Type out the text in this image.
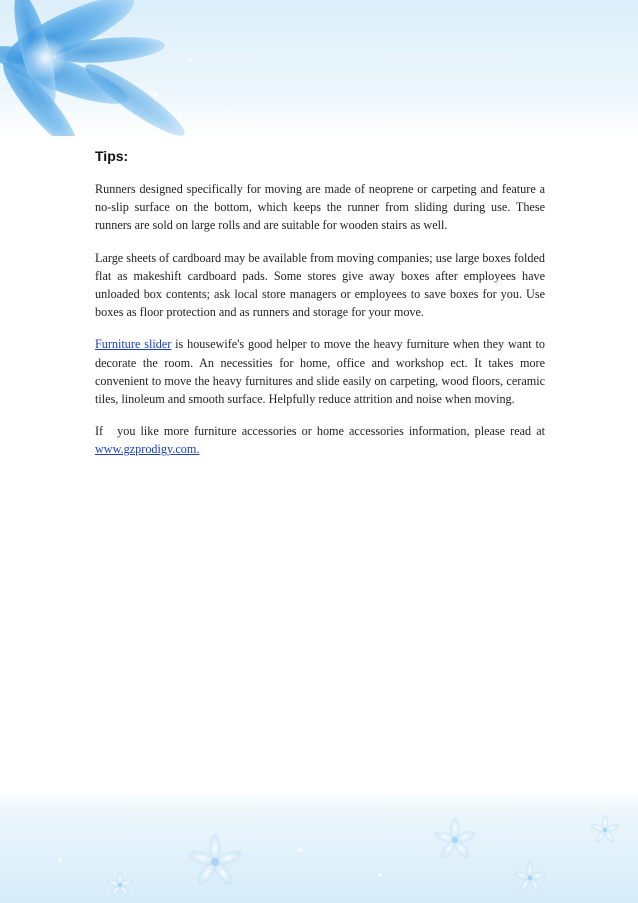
Tips:

Runners designed specifically for moving are made of neoprene or carpeting and feature a no-slip surface on the bottom, which keeps the runner from sliding during use. These runners are sold on large rolls and are suitable for wooden stairs as well.

Large sheets of cardboard may be available from moving companies; use large boxes folded flat as makeshift cardboard pads. Some stores give away boxes after employees have unloaded box contents; ask local store managers or employees to save boxes for you. Use boxes as floor protection and as runners and storage for your move.

Furniture slider is housewife's good helper to move the heavy furniture when they want to decorate the room. An necessities for home, office and workshop ect. It takes more convenient to move the heavy furnitures and slide easily on carpeting, wood floors, ceramic tiles, linoleum and smooth surface. Helpfully reduce attrition and noise when moving.

If you like more furniture accessories or home accessories information, please read at www.gzprodigy.com.
